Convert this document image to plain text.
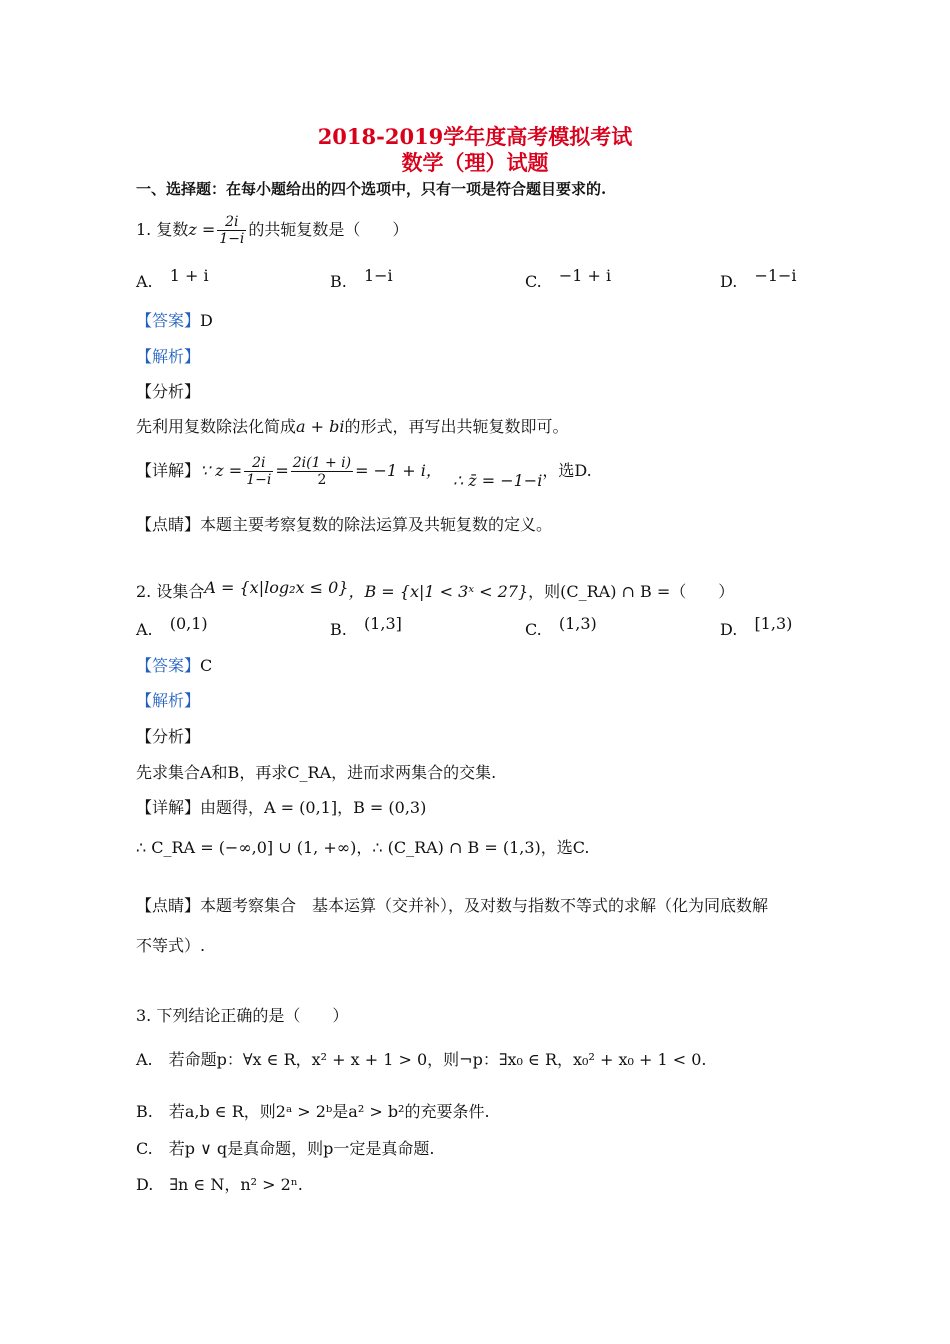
2018-2019学年度高考模拟考试
数学（理）试题
一、选择题：在每小题给出的四个选项中，只有一项是符合题目要求的.
1. 复数$z = \frac{2i}{1-i}$ 的共轭复数是（　　）
A. 1 + i	B. 1−i	C. −1 + i	D. −1−i
【答案】D
【解析】
【分析】
先利用复数除法化简成a + bi的形式，再写出共轭复数即可。
【详解】∵ $z = \frac{2i}{1-i} = \frac{2i(1 + i)}{2} = -1 + i$， ∴ z̄ = −1−i，选D.
【点睛】本题主要考察复数的除法运算及共轭复数的定义。
2. 设集合A = {x|log₂x ≤ 0}，B = {x|1 < 3ˣ < 27}，则(C_RA) ∩ B =（　　）
A. (0,1)	B. (1,3]	C. (1,3)	D. [1,3)
【答案】C
【解析】
【分析】
先求集合A和B，再求C_RA，进而求两集合的交集.
【详解】由题得，A = (0,1]，B = (0,3)
∴ C_RA = (−∞,0] ∪ (1, +∞)，∴ (C_RA) ∩ B = (1,3)，选C.
【点睛】本题考察集合　基本运算（交并补），及对数与指数不等式的求解（化为同底数解
不等式）.
3. 下列结论正确的是（　　）
A.　若命题p：∀x ∈ R，x² + x + 1 > 0，则¬p：∃x₀ ∈ R，x₀² + x₀ + 1 < 0.
B.　若a,b ∈ R，则2ᵃ > 2ᵇ是a² > b²的充要条件.
C.　若p ∨ q是真命题，则p一定是真命题.
D.　∃n ∈ N，n² > 2ⁿ.
